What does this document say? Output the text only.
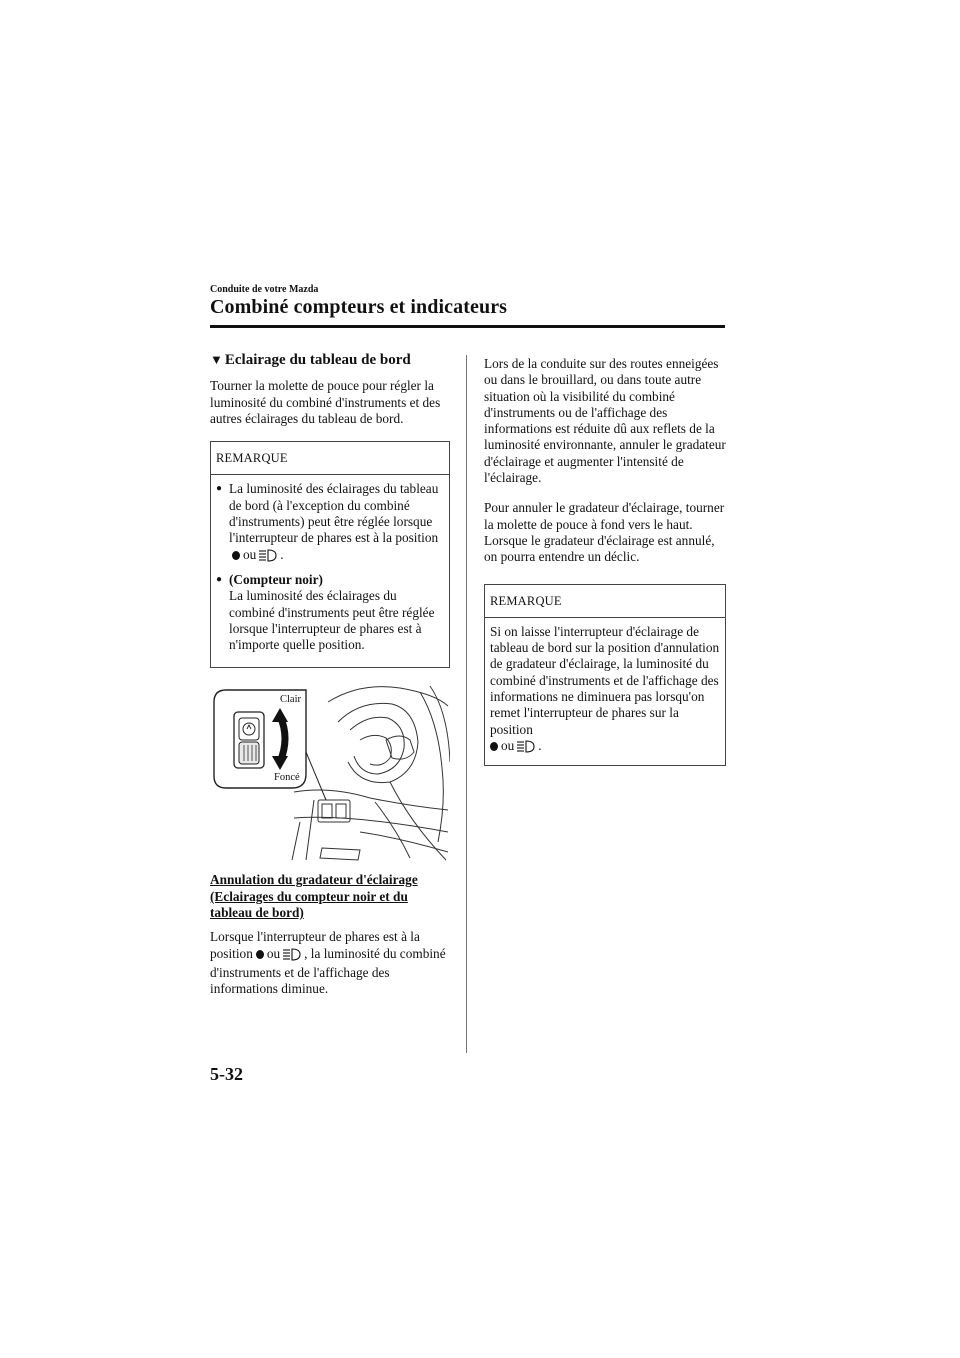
Conduite de votre Mazda
Combiné compteurs et indicateurs
▼ Eclairage du tableau de bord

Tourner la molette de pouce pour régler la luminosité du combiné d'instruments et des autres éclairages du tableau de bord.

REMARQUE
● La luminosité des éclairages du tableau de bord (à l'exception du combiné d'instruments) peut être réglée lorsque l'interrupteur de phares est à la positionou .
● (Compteur noir)
La luminosité des éclairages du combiné d'instruments peut être réglée lorsque l'interrupteur de phares est à n'importe quelle position.
Clair
Foncé

Annulation du gradateur d'éclairage (Eclairages du compteur noir et du tableau de bord)

Lorsque l'interrupteur de phares est à la position ou , la luminosité du combiné d'instruments et de l'affichage des informations diminue.

Lors de la conduite sur des routes enneigées ou dans le brouillard, ou dans toute autre situation où la visibilité du combiné d'instruments ou de l'affichage des informations est réduite dû aux reflets de la luminosité environnante, annuler le gradateur d'éclairage et augmenter l'intensité de l'éclairage.

Pour annuler le gradateur d'éclairage, tourner la molette de pouce à fond vers le haut. Lorsque le gradateur d'éclairage est annulé, on pourra entendre un déclic.

REMARQUE
Si on laisse l'interrupteur d'éclairage de tableau de bord sur la position d'annulation de gradateur d'éclairage, la luminosité du combiné d'instruments et de l'affichage des informations ne diminuera pas lorsqu'on remet l'interrupteur de phares sur la position
ou .
5-32
